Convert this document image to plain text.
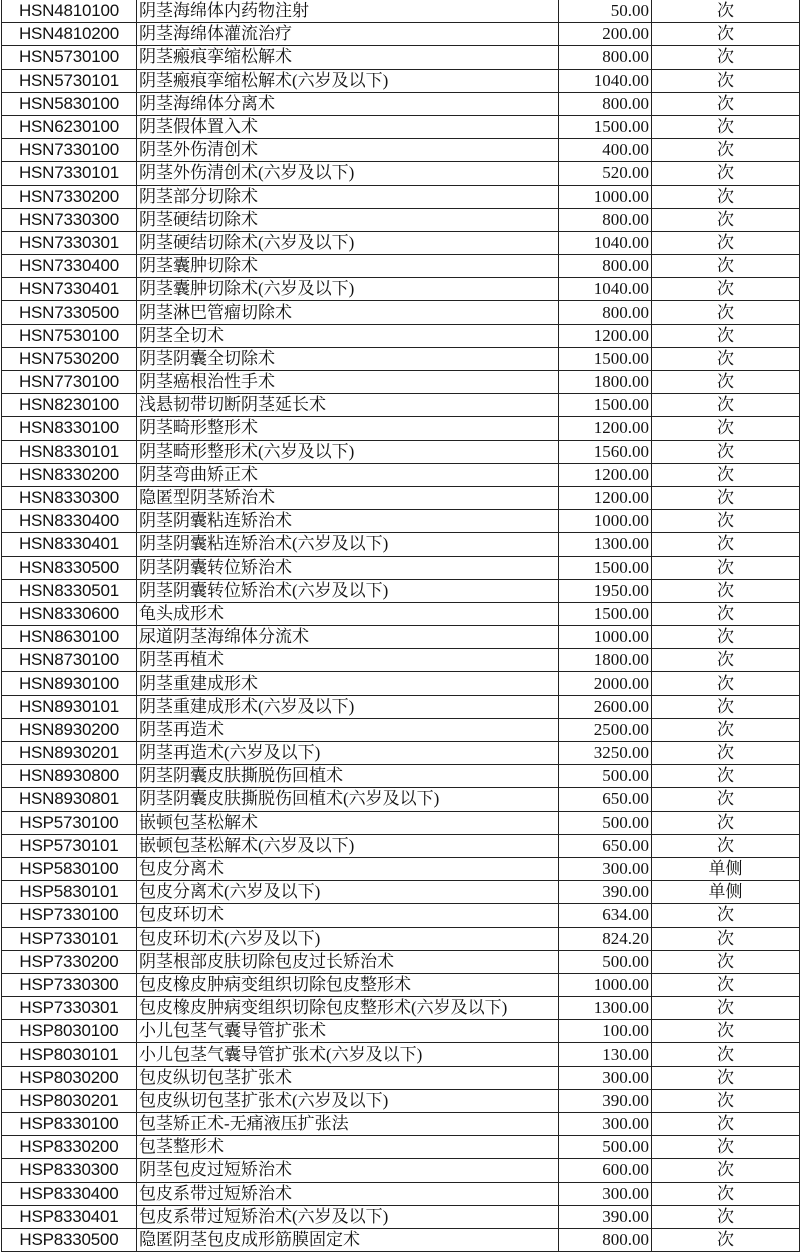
HSN4810100	阴茎海绵体内药物注射	50.00	次
HSN4810200	阴茎海绵体灌流治疗	200.00	次
HSN5730100	阴茎瘢痕挛缩松解术	800.00	次
HSN5730101	阴茎瘢痕挛缩松解术(六岁及以下)	1040.00	次
HSN5830100	阴茎海绵体分离术	800.00	次
HSN6230100	阴茎假体置入术	1500.00	次
HSN7330100	阴茎外伤清创术	400.00	次
HSN7330101	阴茎外伤清创术(六岁及以下)	520.00	次
HSN7330200	阴茎部分切除术	1000.00	次
HSN7330300	阴茎硬结切除术	800.00	次
HSN7330301	阴茎硬结切除术(六岁及以下)	1040.00	次
HSN7330400	阴茎囊肿切除术	800.00	次
HSN7330401	阴茎囊肿切除术(六岁及以下)	1040.00	次
HSN7330500	阴茎淋巴管瘤切除术	800.00	次
HSN7530100	阴茎全切术	1200.00	次
HSN7530200	阴茎阴囊全切除术	1500.00	次
HSN7730100	阴茎癌根治性手术	1800.00	次
HSN8230100	浅悬韧带切断阴茎延长术	1500.00	次
HSN8330100	阴茎畸形整形术	1200.00	次
HSN8330101	阴茎畸形整形术(六岁及以下)	1560.00	次
HSN8330200	阴茎弯曲矫正术	1200.00	次
HSN8330300	隐匿型阴茎矫治术	1200.00	次
HSN8330400	阴茎阴囊粘连矫治术	1000.00	次
HSN8330401	阴茎阴囊粘连矫治术(六岁及以下)	1300.00	次
HSN8330500	阴茎阴囊转位矫治术	1500.00	次
HSN8330501	阴茎阴囊转位矫治术(六岁及以下)	1950.00	次
HSN8330600	龟头成形术	1500.00	次
HSN8630100	尿道阴茎海绵体分流术	1000.00	次
HSN8730100	阴茎再植术	1800.00	次
HSN8930100	阴茎重建成形术	2000.00	次
HSN8930101	阴茎重建成形术(六岁及以下)	2600.00	次
HSN8930200	阴茎再造术	2500.00	次
HSN8930201	阴茎再造术(六岁及以下)	3250.00	次
HSN8930800	阴茎阴囊皮肤撕脱伤回植术	500.00	次
HSN8930801	阴茎阴囊皮肤撕脱伤回植术(六岁及以下)	650.00	次
HSP5730100	嵌顿包茎松解术	500.00	次
HSP5730101	嵌顿包茎松解术(六岁及以下)	650.00	次
HSP5830100	包皮分离术	300.00	单侧
HSP5830101	包皮分离术(六岁及以下)	390.00	单侧
HSP7330100	包皮环切术	634.00	次
HSP7330101	包皮环切术(六岁及以下)	824.20	次
HSP7330200	阴茎根部皮肤切除包皮过长矫治术	500.00	次
HSP7330300	包皮橡皮肿病变组织切除包皮整形术	1000.00	次
HSP7330301	包皮橡皮肿病变组织切除包皮整形术(六岁及以下)	1300.00	次
HSP8030100	小儿包茎气囊导管扩张术	100.00	次
HSP8030101	小儿包茎气囊导管扩张术(六岁及以下)	130.00	次
HSP8030200	包皮纵切包茎扩张术	300.00	次
HSP8030201	包皮纵切包茎扩张术(六岁及以下)	390.00	次
HSP8330100	包茎矫正术-无痛液压扩张法	300.00	次
HSP8330200	包茎整形术	500.00	次
HSP8330300	阴茎包皮过短矫治术	600.00	次
HSP8330400	包皮系带过短矫治术	300.00	次
HSP8330401	包皮系带过短矫治术(六岁及以下)	390.00	次
HSP8330500	隐匿阴茎包皮成形筋膜固定术	800.00	次
